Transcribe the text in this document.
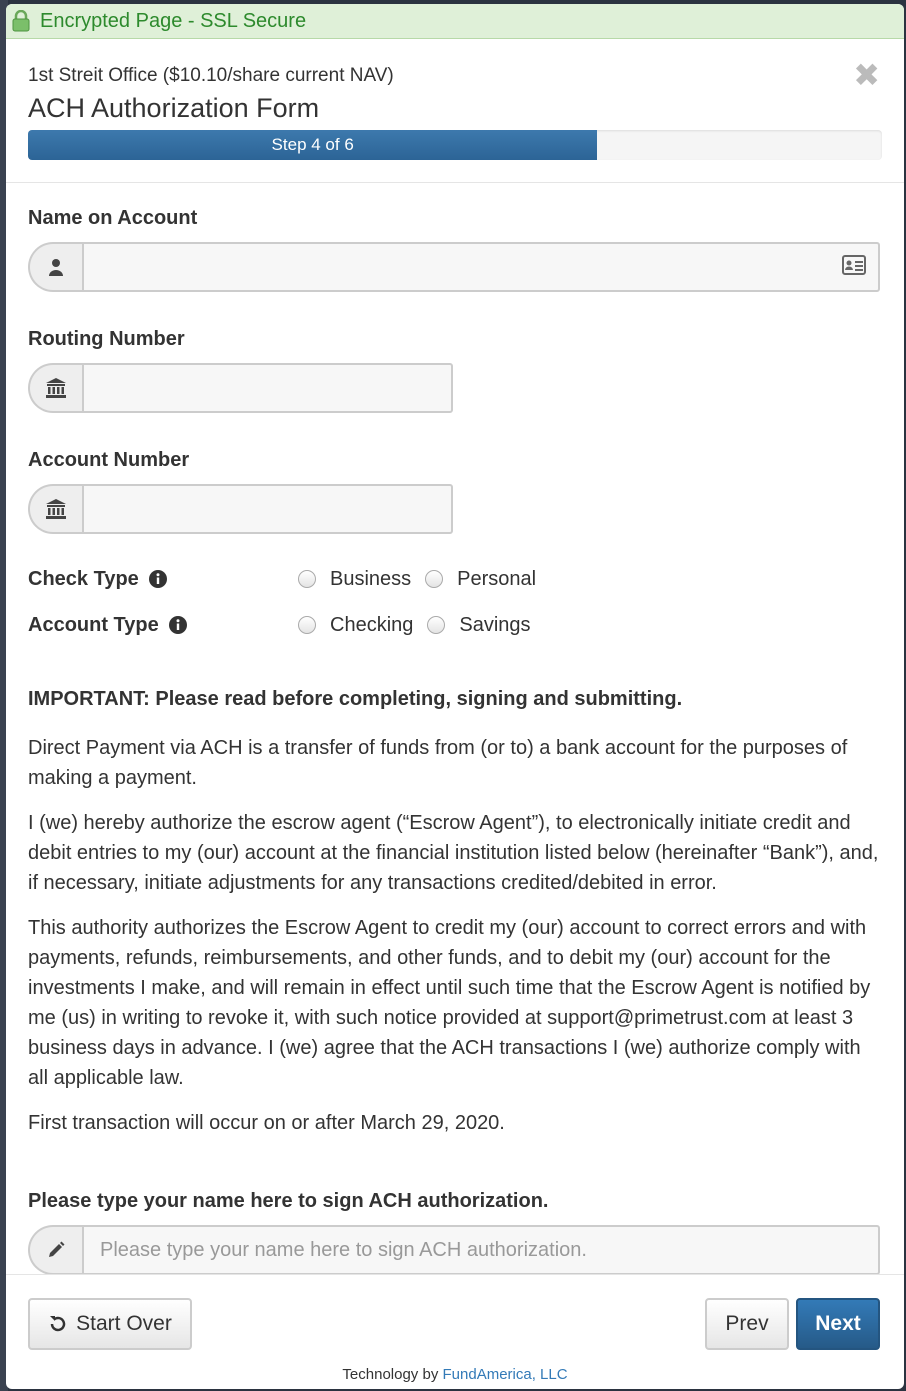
Encrypted Page - SSL Secure
1st Streit Office ($10.10/share current NAV)
ACH Authorization Form
✖
Step 4 of 6
Name on Account
Routing Number
Account Number
Check Type	Business Personal
Account Type	Checking Savings
IMPORTANT: Please read before completing, signing and submitting.

Direct Payment via ACH is a transfer of funds from (or to) a bank account for the purposes of making a payment.

I (we) hereby authorize the escrow agent (“Escrow Agent”), to electronically initiate credit and debit entries to my (our) account at the financial institution listed below (hereinafter “Bank”), and, if necessary, initiate adjustments for any transactions credited/debited in error.

This authority authorizes the Escrow Agent to credit my (our) account to correct errors and with payments, refunds, reimbursements, and other funds, and to debit my (our) account for the investments I make, and will remain in effect until such time that the Escrow Agent is notified by me (us) in writing to revoke it, with such notice provided at support@primetrust.com at least 3 business days in advance. I (we) agree that the ACH transactions I (we) authorize comply with all applicable law.

First transaction will occur on or after March 29, 2020.

Please type your name here to sign ACH authorization.
Please type your name here to sign ACH authorization.
Start Over	Prev	Next
Technology by FundAmerica, LLC
